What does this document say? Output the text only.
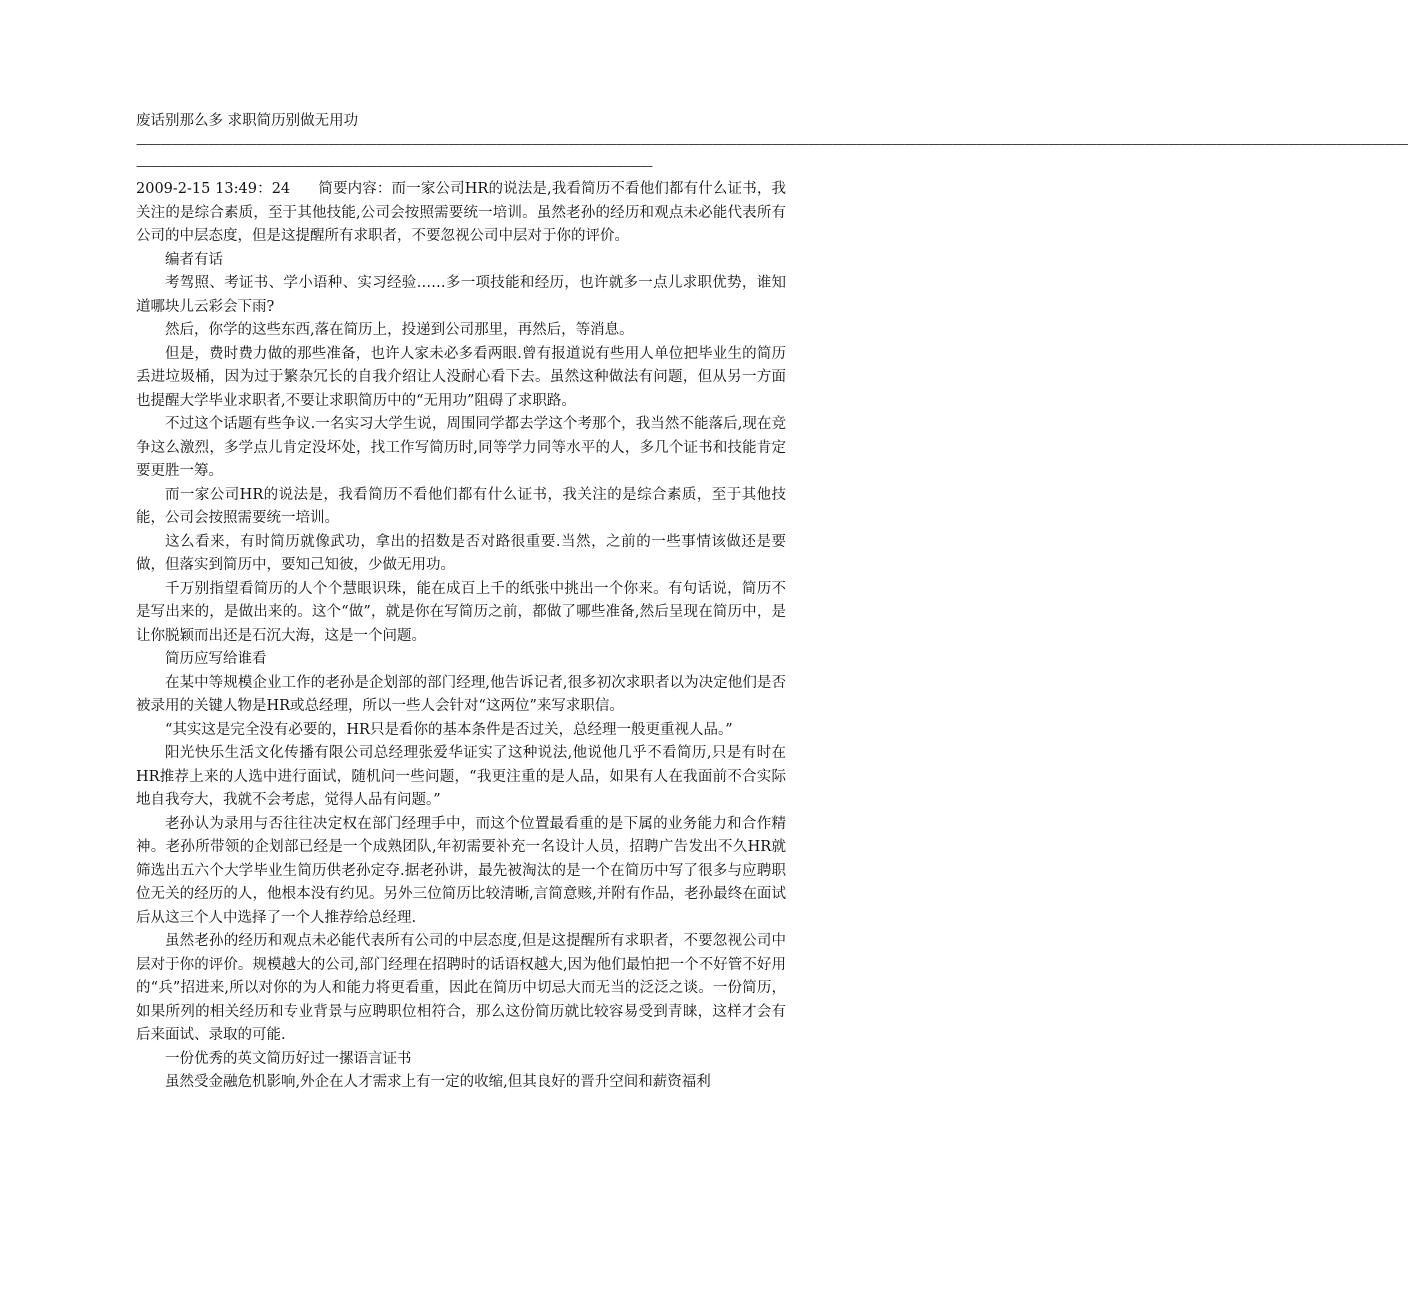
废话别那么多 求职简历别做无用功

——————————————————————————————————————————————————————————————————————————————————————————————————————————

———————————————————————————————————————————

2009-2-15 13:49：24 简要内容：而一家公司HR的说法是,我看简历不看他们都有什么证书，我关注的是综合素质，至于其他技能,公司会按照需要统一培训。虽然老孙的经历和观点未必能代表所有公司的中层态度，但是这提醒所有求职者，不要忽视公司中层对于你的评价。

编者有话

考驾照、考证书、学小语种、实习经验……多一项技能和经历，也许就多一点儿求职优势，谁知道哪块儿云彩会下雨?

然后，你学的这些东西,落在简历上，投递到公司那里，再然后，等消息。

但是，费时费力做的那些准备，也许人家未必多看两眼.曾有报道说有些用人单位把毕业生的简历丢进垃圾桶，因为过于繁杂冗长的自我介绍让人没耐心看下去。虽然这种做法有问题，但从另一方面也提醒大学毕业求职者,不要让求职简历中的“无用功”阻碍了求职路。

不过这个话题有些争议.一名实习大学生说，周围同学都去学这个考那个，我当然不能落后,现在竞争这么激烈，多学点儿肯定没坏处，找工作写简历时,同等学力同等水平的人，多几个证书和技能肯定要更胜一筹。

而一家公司HR的说法是，我看简历不看他们都有什么证书，我关注的是综合素质，至于其他技能，公司会按照需要统一培训。

这么看来，有时简历就像武功，拿出的招数是否对路很重要.当然，之前的一些事情该做还是要做，但落实到简历中，要知己知彼，少做无用功。

千万别指望看简历的人个个慧眼识珠，能在成百上千的纸张中挑出一个你来。有句话说，简历不是写出来的，是做出来的。这个“做”，就是你在写简历之前，都做了哪些准备,然后呈现在简历中，是让你脱颖而出还是石沉大海，这是一个问题。

简历应写给谁看

在某中等规模企业工作的老孙是企划部的部门经理,他告诉记者,很多初次求职者以为决定他们是否被录用的关键人物是HR或总经理，所以一些人会针对“这两位”来写求职信。

“其实这是完全没有必要的，HR只是看你的基本条件是否过关，总经理一般更重视人品。”

阳光快乐生活文化传播有限公司总经理张爱华证实了这种说法,他说他几乎不看简历,只是有时在HR推荐上来的人选中进行面试，随机问一些问题，“我更注重的是人品，如果有人在我面前不合实际地自我夸大，我就不会考虑，觉得人品有问题。”

老孙认为录用与否往往决定权在部门经理手中，而这个位置最看重的是下属的业务能力和合作精神。老孙所带领的企划部已经是一个成熟团队,年初需要补充一名设计人员，招聘广告发出不久HR就筛选出五六个大学毕业生简历供老孙定夺.据老孙讲，最先被淘汰的是一个在简历中写了很多与应聘职位无关的经历的人，他根本没有约见。另外三位简历比较清晰,言简意赅,并附有作品，老孙最终在面试后从这三个人中选择了一个人推荐给总经理.

虽然老孙的经历和观点未必能代表所有公司的中层态度,但是这提醒所有求职者，不要忽视公司中层对于你的评价。规模越大的公司,部门经理在招聘时的话语权越大,因为他们最怕把一个不好管不好用的“兵”招进来,所以对你的为人和能力将更看重，因此在简历中切忌大而无当的泛泛之谈。一份简历，如果所列的相关经历和专业背景与应聘职位相符合，那么这份简历就比较容易受到青睐，这样才会有后来面试、录取的可能.

一份优秀的英文简历好过一摞语言证书

虽然受金融危机影响,外企在人才需求上有一定的收缩,但其良好的晋升空间和薪资福利
